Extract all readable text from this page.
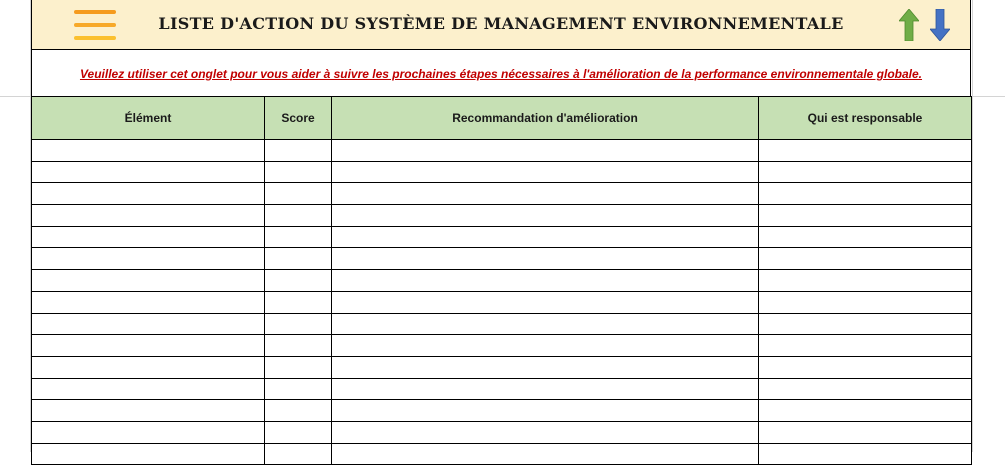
LISTE D'ACTION DU SYSTÈME DE MANAGEMENT ENVIRONNEMENTALE
Veuillez utiliser cet onglet pour vous aider à suivre les prochaines étapes nécessaires à l'amélioration de la performance environnementale globale.
Élément	Score	Recommandation d'amélioration	Qui est responsable
